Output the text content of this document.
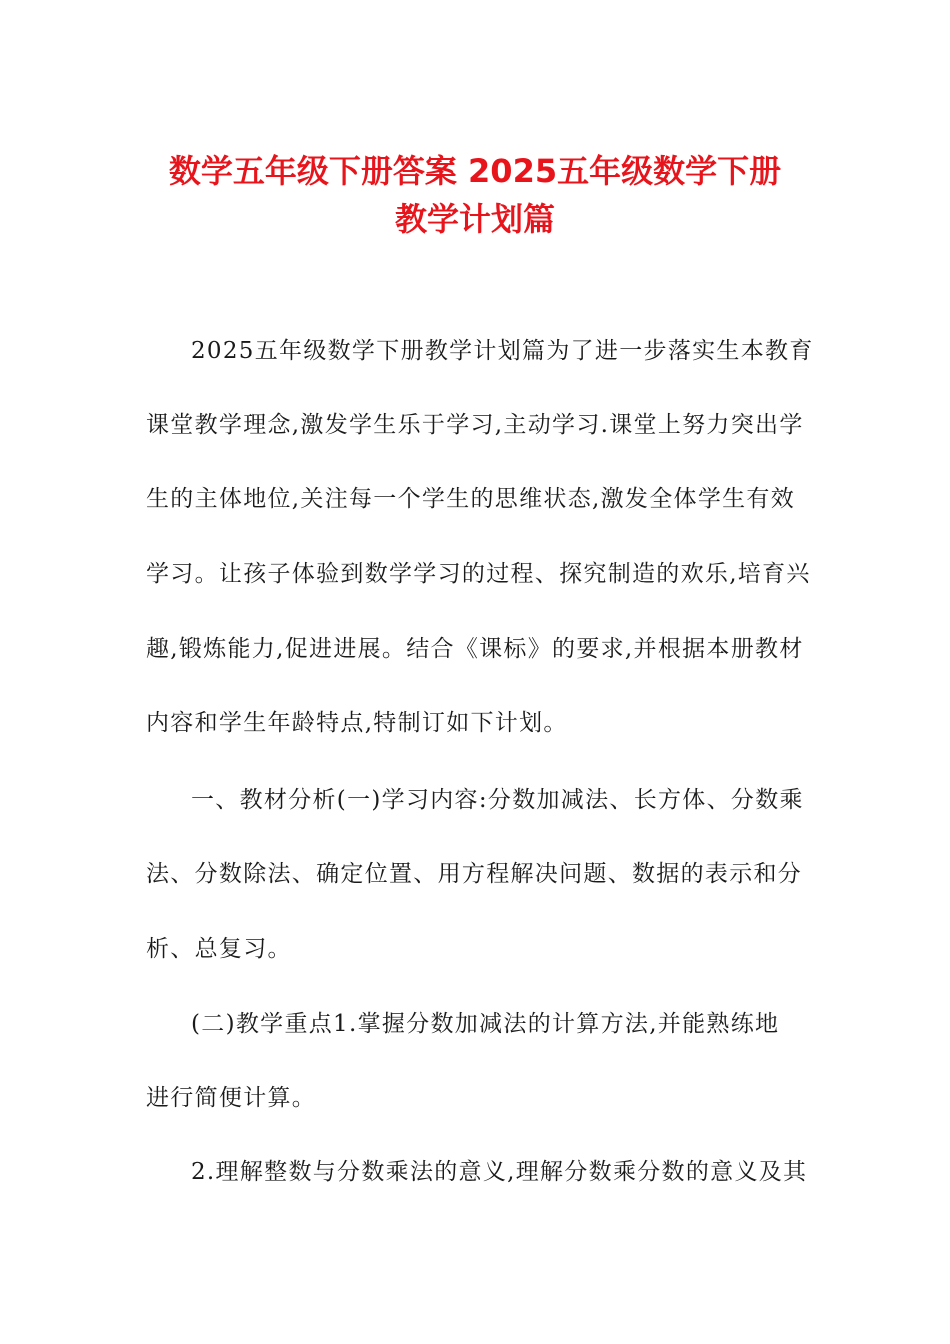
数学五年级下册答案 2025五年级数学下册
教学计划篇
2025五年级数学下册教学计划篇为了进一步落实生本教育
课堂教学理念,激发学生乐于学习,主动学习.课堂上努力突出学
生的主体地位,关注每一个学生的思维状态,激发全体学生有效
学习。让孩子体验到数学学习的过程、探究制造的欢乐,培育兴
趣,锻炼能力,促进进展。结合《课标》的要求,并根据本册教材
内容和学生年龄特点,特制订如下计划。
一、教材分析(一)学习内容:分数加减法、长方体、分数乘
法、分数除法、确定位置、用方程解决问题、数据的表示和分
析、总复习。
(二)教学重点1.掌握分数加减法的计算方法,并能熟练地
进行简便计算。
2.理解整数与分数乘法的意义,理解分数乘分数的意义及其
